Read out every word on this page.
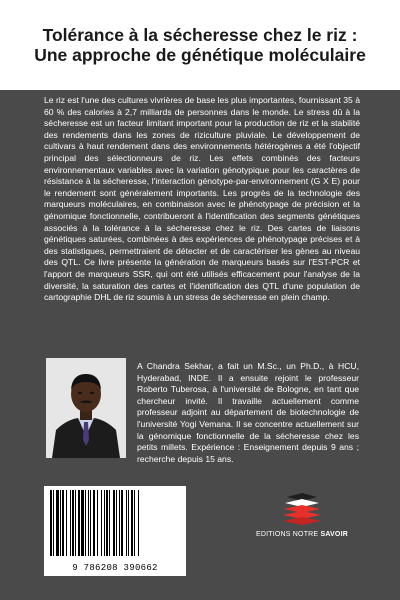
Tolérance à la sécheresse chez le riz : Une approche de génétique moléculaire

Le riz est l'une des cultures vivrières de base les plus importantes, fournissant 35 à 60 % des calories à 2,7 milliards de personnes dans le monde. Le stress dû à la sécheresse est un facteur limitant important pour la production de riz et la stabilité des rendements dans les zones de riziculture pluviale. Le développement de cultivars à haut rendement dans des environnements hétérogènes a été l'objectif principal des sélectionneurs de riz. Les effets combinés des facteurs environnementaux variables avec la variation génotypique pour les caractères de résistance à la sécheresse, l'interaction génotype-par-environnement (G X E) pour le rendement sont généralement importants. Les progrès de la technologie des marqueurs moléculaires, en combinaison avec le phénotypage de précision et la génomique fonctionnelle, contribueront à l'identification des segments génétiques associés à la tolérance à la sécheresse chez le riz. Des cartes de liaisons génétiques saturées, combinées à des expériences de phénotypage précises et à des statistiques, permettraient de détecter et de caractériser les gènes au niveau des QTL. Ce livre présente la génération de marqueurs basés sur l'EST-PCR et l'apport de marqueurs SSR, qui ont été utilisés efficacement pour l'analyse de la diversité, la saturation des cartes et l'identification des QTL d'une population de cartographie DHL de riz soumis à un stress de sécheresse en plein champ.

A Chandra Sekhar, a fait un M.Sc., un Ph.D., à HCU, Hyderabad, INDE. Il a ensuite rejoint le professeur Roberto Tuberosa, à l'université de Bologne, en tant que chercheur invité. Il travaille actuellement comme professeur adjoint au département de biotechnologie de l'université Yogi Vemana. Il se concentre actuellement sur la génomique fonctionnelle de la sécheresse chez les petits millets. Expérience : Enseignement depuis 9 ans ; recherche depuis 15 ans.

9 786208 390662
EDITIONS NOTRE SAVOIR
